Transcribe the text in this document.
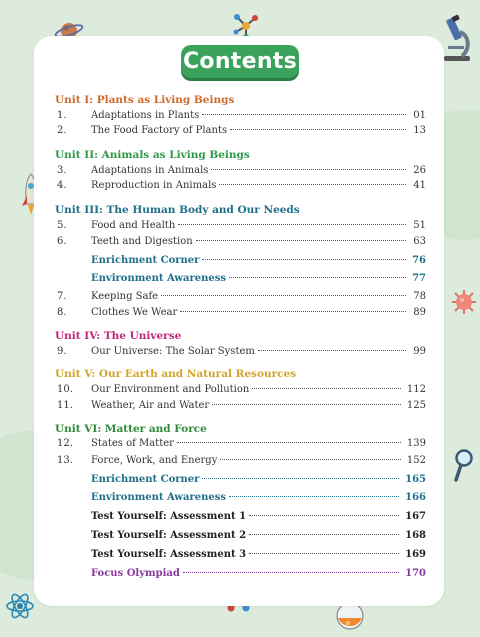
Contents
Unit I: Plants as Living Beings
1.	Adaptations in Plants	01
2.	The Food Factory of Plants	13
Unit II: Animals as Living Beings
3.	Adaptations in Animals	26
4.	Reproduction in Animals	41
Unit III: The Human Body and Our Needs
5.	Food and Health	51
6.	Teeth and Digestion	63
Enrichment Corner	76
Environment Awareness	77
7.	Keeping Safe	78
8.	Clothes We Wear	89
Unit IV: The Universe
9.	Our Universe: The Solar System	99
Unit V: Our Earth and Natural Resources
10.	Our Environment and Pollution	112
11.	Weather, Air and Water	125
Unit VI: Matter and Force
12.	States of Matter	139
13.	Force, Work, and Energy	152
Enrichment Corner	165
Environment Awareness	166
Test Yourself: Assessment 1	167
Test Yourself: Assessment 2	168
Test Yourself: Assessment 3	169
Focus Olympiad	170
iii
